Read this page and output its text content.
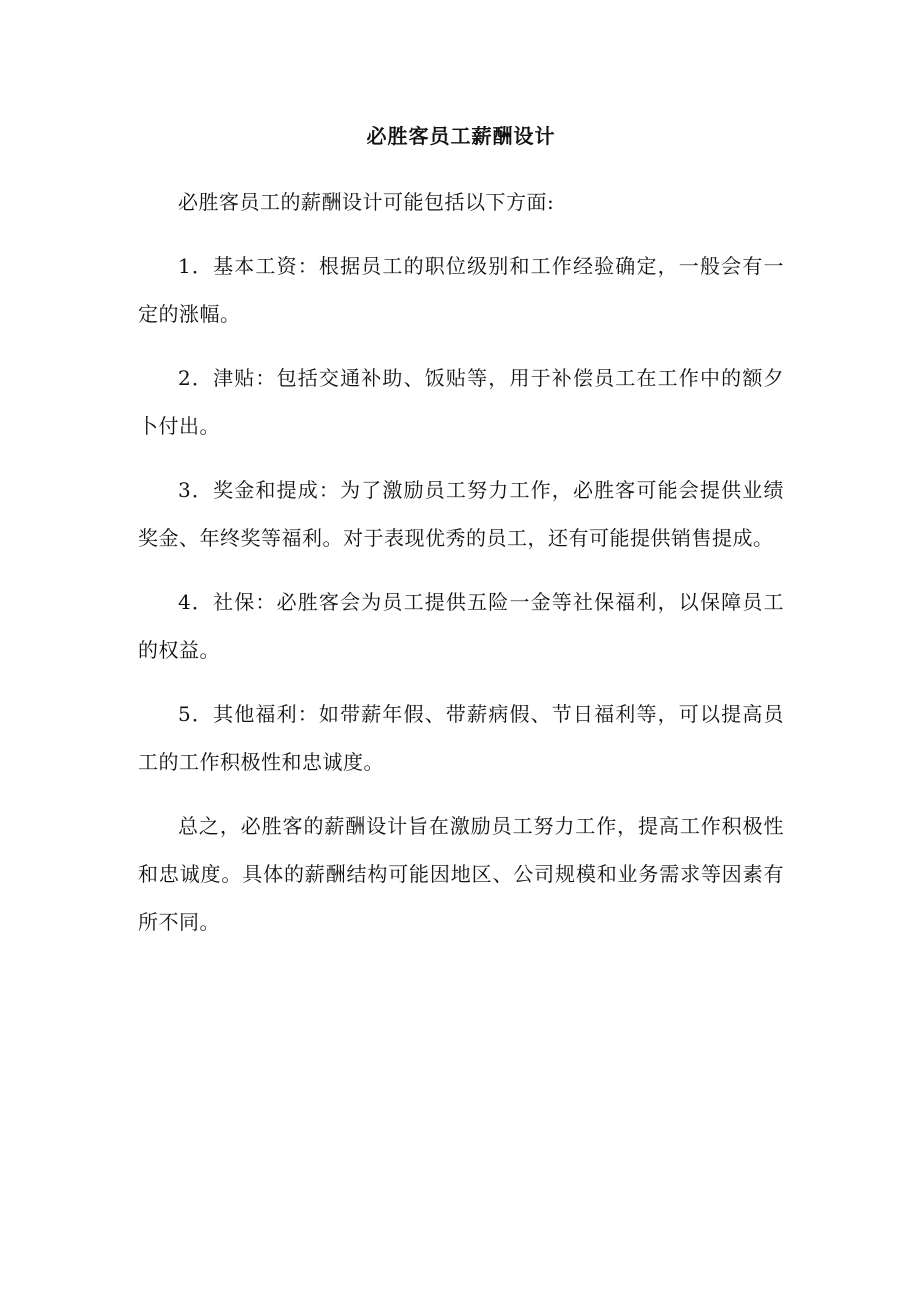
必胜客员工薪酬设计

必胜客员工的薪酬设计可能包括以下方面:

1．基本工资：根据员工的职位级别和工作经验确定，一般会有一定的涨幅。

2．津贴：包括交通补助、饭贴等，用于补偿员工在工作中的额夕卜付出。

3．奖金和提成：为了激励员工努力工作，必胜客可能会提供业绩奖金、年终奖等福利。对于表现优秀的员工，还有可能提供销售提成。

4．社保：必胜客会为员工提供五险一金等社保福利，以保障员工的权益。

5．其他福利：如带薪年假、带薪病假、节日福利等，可以提高员工的工作积极性和忠诚度。

总之，必胜客的薪酬设计旨在激励员工努力工作，提高工作积极性和忠诚度。具体的薪酬结构可能因地区、公司规模和业务需求等因素有所不同。
